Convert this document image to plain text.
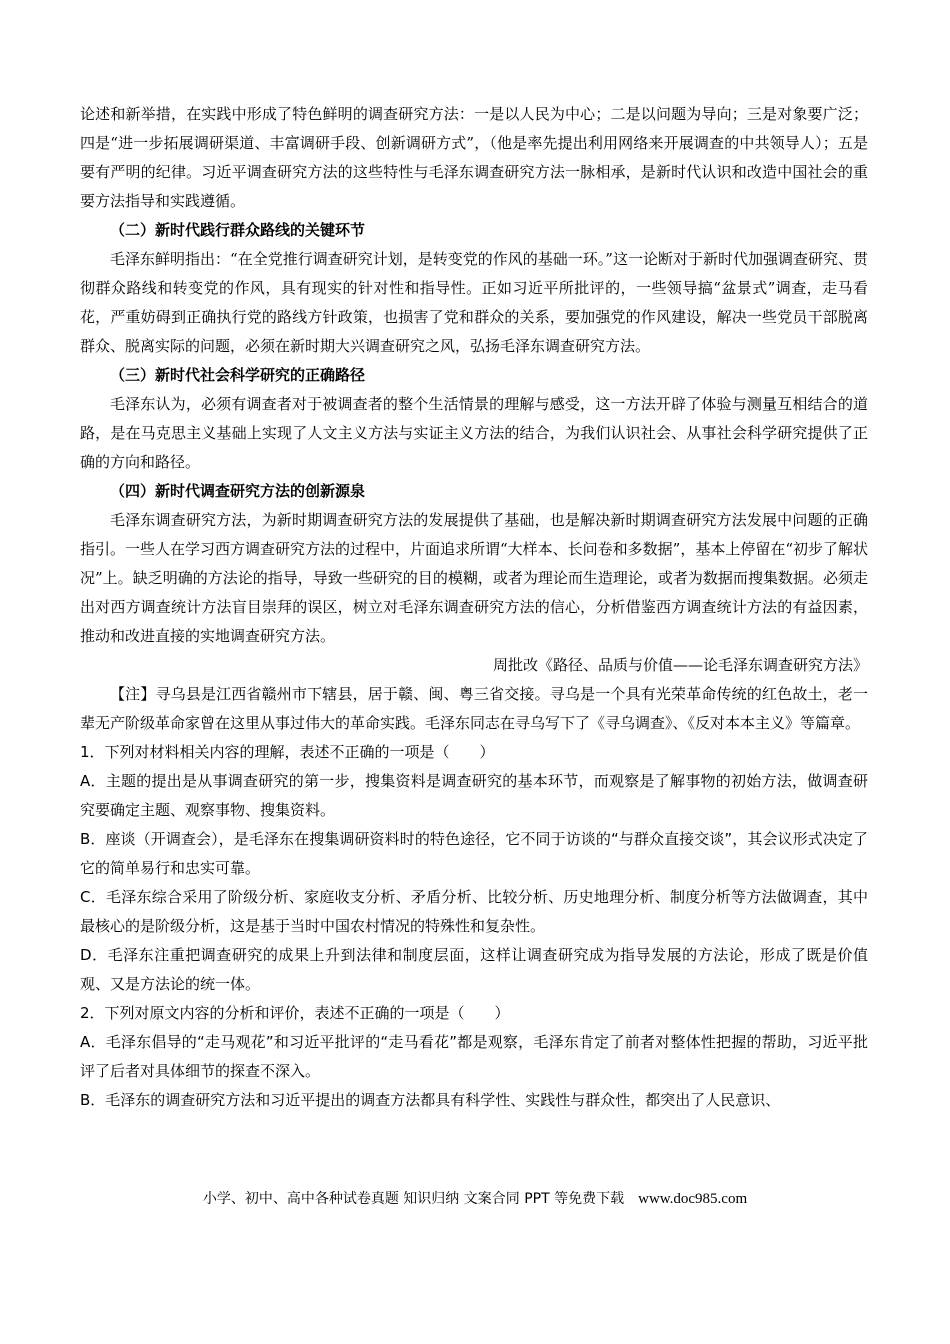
论述和新举措，在实践中形成了特色鲜明的调查研究方法：一是以人民为中心；二是以问题为导向；三是对象要广泛；四是“进一步拓展调研渠道、丰富调研手段、创新调研方式”，（他是率先提出利用网络来开展调查的中共领导人）；五是要有严明的纪律。习近平调查研究方法的这些特性与毛泽东调查研究方法一脉相承，是新时代认识和改造中国社会的重要方法指导和实践遵循。

（二）新时代践行群众路线的关键环节

毛泽东鲜明指出：“在全党推行调查研究计划，是转变党的作风的基础一环。”这一论断对于新时代加强调查研究、贯彻群众路线和转变党的作风，具有现实的针对性和指导性。正如习近平所批评的，一些领导搞“盆景式”调查，走马看花，严重妨碍到正确执行党的路线方针政策，也损害了党和群众的关系，要加强党的作风建设，解决一些党员干部脱离群众、脱离实际的问题，必须在新时期大兴调查研究之风，弘扬毛泽东调查研究方法。

（三）新时代社会科学研究的正确路径

毛泽东认为，必须有调查者对于被调查者的整个生活情景的理解与感受，这一方法开辟了体验与测量互相结合的道路，是在马克思主义基础上实现了人文主义方法与实证主义方法的结合，为我们认识社会、从事社会科学研究提供了正确的方向和路径。

（四）新时代调查研究方法的创新源泉

毛泽东调查研究方法，为新时期调查研究方法的发展提供了基础，也是解决新时期调查研究方法发展中问题的正确指引。一些人在学习西方调查研究方法的过程中，片面追求所谓“大样本、长问卷和多数据”，基本上停留在“初步了解状况”上。缺乏明确的方法论的指导，导致一些研究的目的模糊，或者为理论而生造理论，或者为数据而搜集数据。必须走出对西方调查统计方法盲目崇拜的误区，树立对毛泽东调查研究方法的信心，分析借鉴西方调查统计方法的有益因素，推动和改进直接的实地调查研究方法。

周批改《路径、品质与价值——论毛泽东调查研究方法》

【注】寻乌县是江西省赣州市下辖县，居于赣、闽、粤三省交接。寻乌是一个具有光荣革命传统的红色故土，老一辈无产阶级革命家曾在这里从事过伟大的革命实践。毛泽东同志在寻乌写下了《寻乌调查》、《反对本本主义》等篇章。

1．下列对材料相关内容的理解，表述不正确的一项是（　　）

A．主题的提出是从事调查研究的第一步，搜集资料是调查研究的基本环节，而观察是了解事物的初始方法，做调查研究要确定主题、观察事物、搜集资料。

B．座谈（开调查会），是毛泽东在搜集调研资料时的特色途径，它不同于访谈的“与群众直接交谈”，其会议形式决定了它的简单易行和忠实可靠。

C．毛泽东综合采用了阶级分析、家庭收支分析、矛盾分析、比较分析、历史地理分析、制度分析等方法做调查，其中最核心的是阶级分析，这是基于当时中国农村情况的特殊性和复杂性。

D．毛泽东注重把调查研究的成果上升到法律和制度层面，这样让调查研究成为指导发展的方法论，形成了既是价值观、又是方法论的统一体。

2．下列对原文内容的分析和评价，表述不正确的一项是（　　）

A．毛泽东倡导的“走马观花”和习近平批评的“走马看花”都是观察，毛泽东肯定了前者对整体性把握的帮助，习近平批评了后者对具体细节的探查不深入。

B．毛泽东的调查研究方法和习近平提出的调查方法都具有科学性、实践性与群众性，都突出了人民意识、

小学、初中、高中各种试卷真题 知识归纳 文案合同 PPT 等免费下载 www.doc985.com
